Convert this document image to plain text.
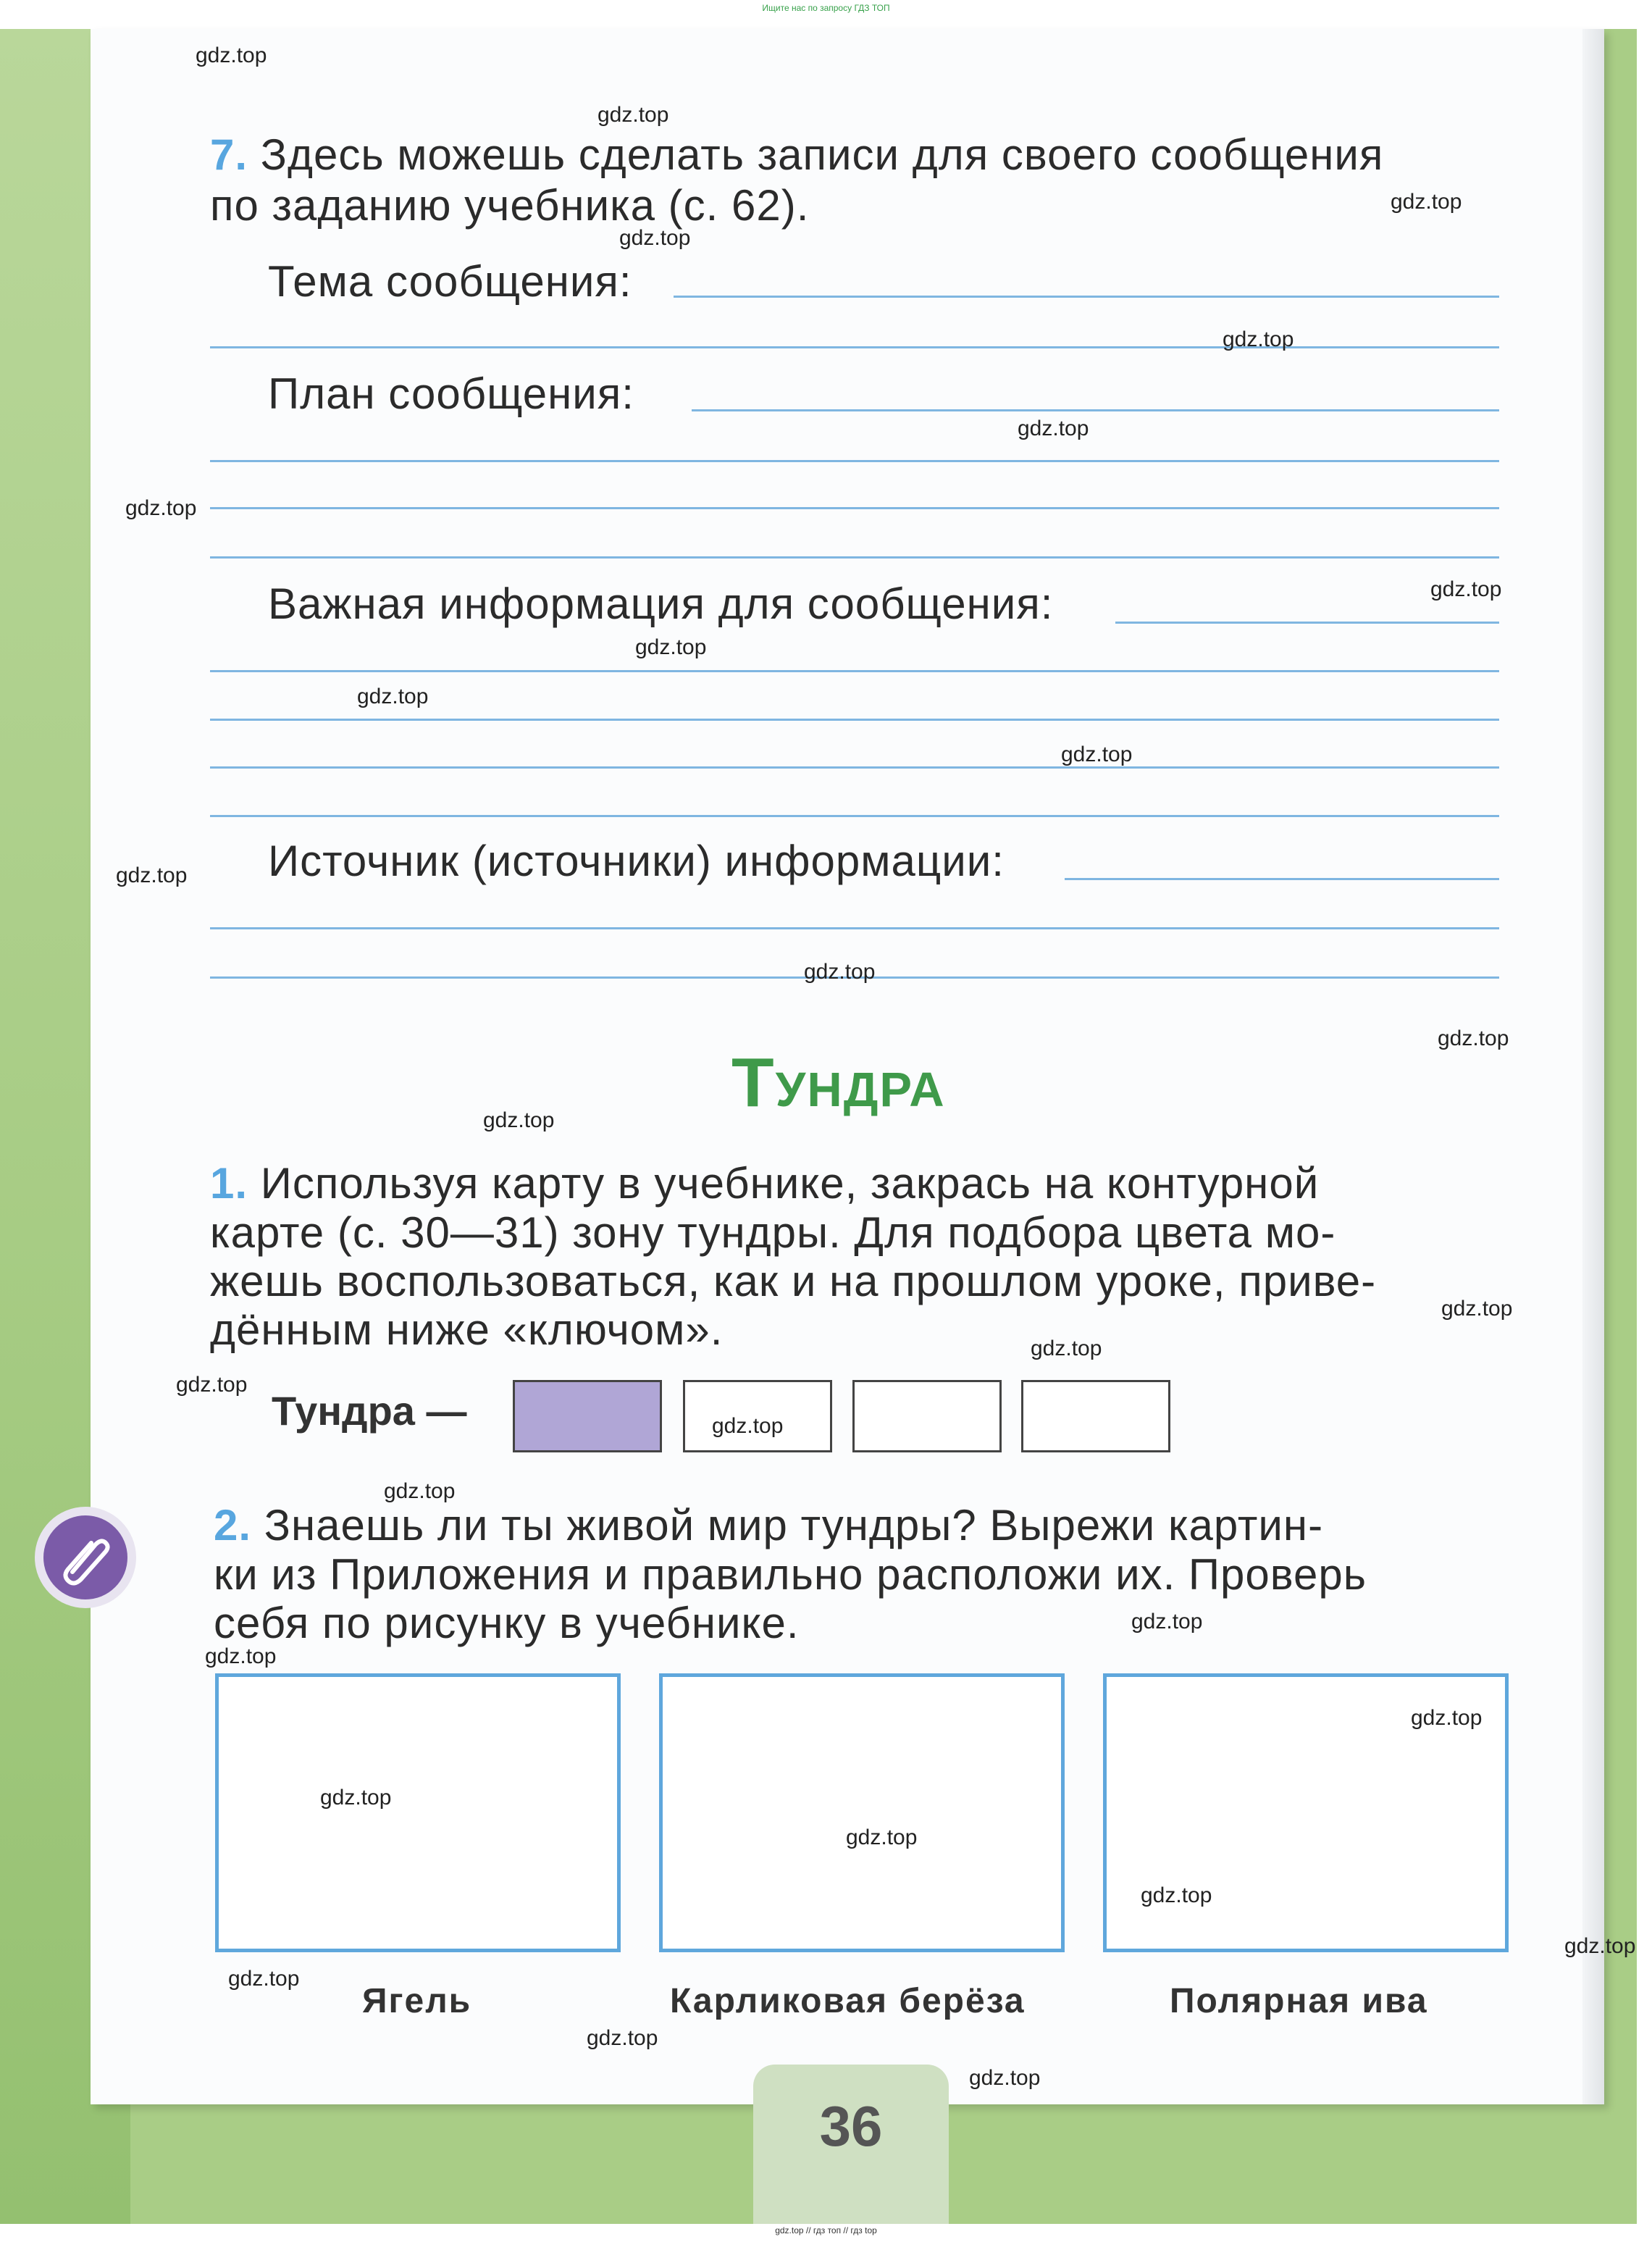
Ищите нас по запросу ГДЗ ТОП
7. Здесь можешь сделать записи для своего сообщения
по заданию учебника (с. 62).
Тема сообщения:
План сообщения:
Важная информация для сообщения:
Источник (источники) информации:
Тундра
1. Используя карту в учебнике, закрась на контурной
карте (с. 30—31) зону тундры. Для подбора цвета мо-
жешь воспользоваться, как и на прошлом уроке, приве-
дённым ниже «ключом».
Тундра —
2. Знаешь ли ты живой мир тундры? Вырежи картин-
ки из Приложения и правильно расположи их. Проверь
себя по рисунку в учебнике.
Ягель	Карликовая берёза	Полярная ива
36
gdz.top
gdz.top
gdz.top
gdz.top
gdz.top
gdz.top
gdz.top
gdz.top
gdz.top
gdz.top
gdz.top
gdz.top
gdz.top
gdz.top
gdz.top
gdz.top
gdz.top
gdz.top
gdz.top
gdz.top
gdz.top
gdz.top
gdz.top
gdz.top
gdz.top
gdz.top
gdz.top
gdz.top
gdz.top
gdz.top
gdz.top // гдз топ // гдз top
